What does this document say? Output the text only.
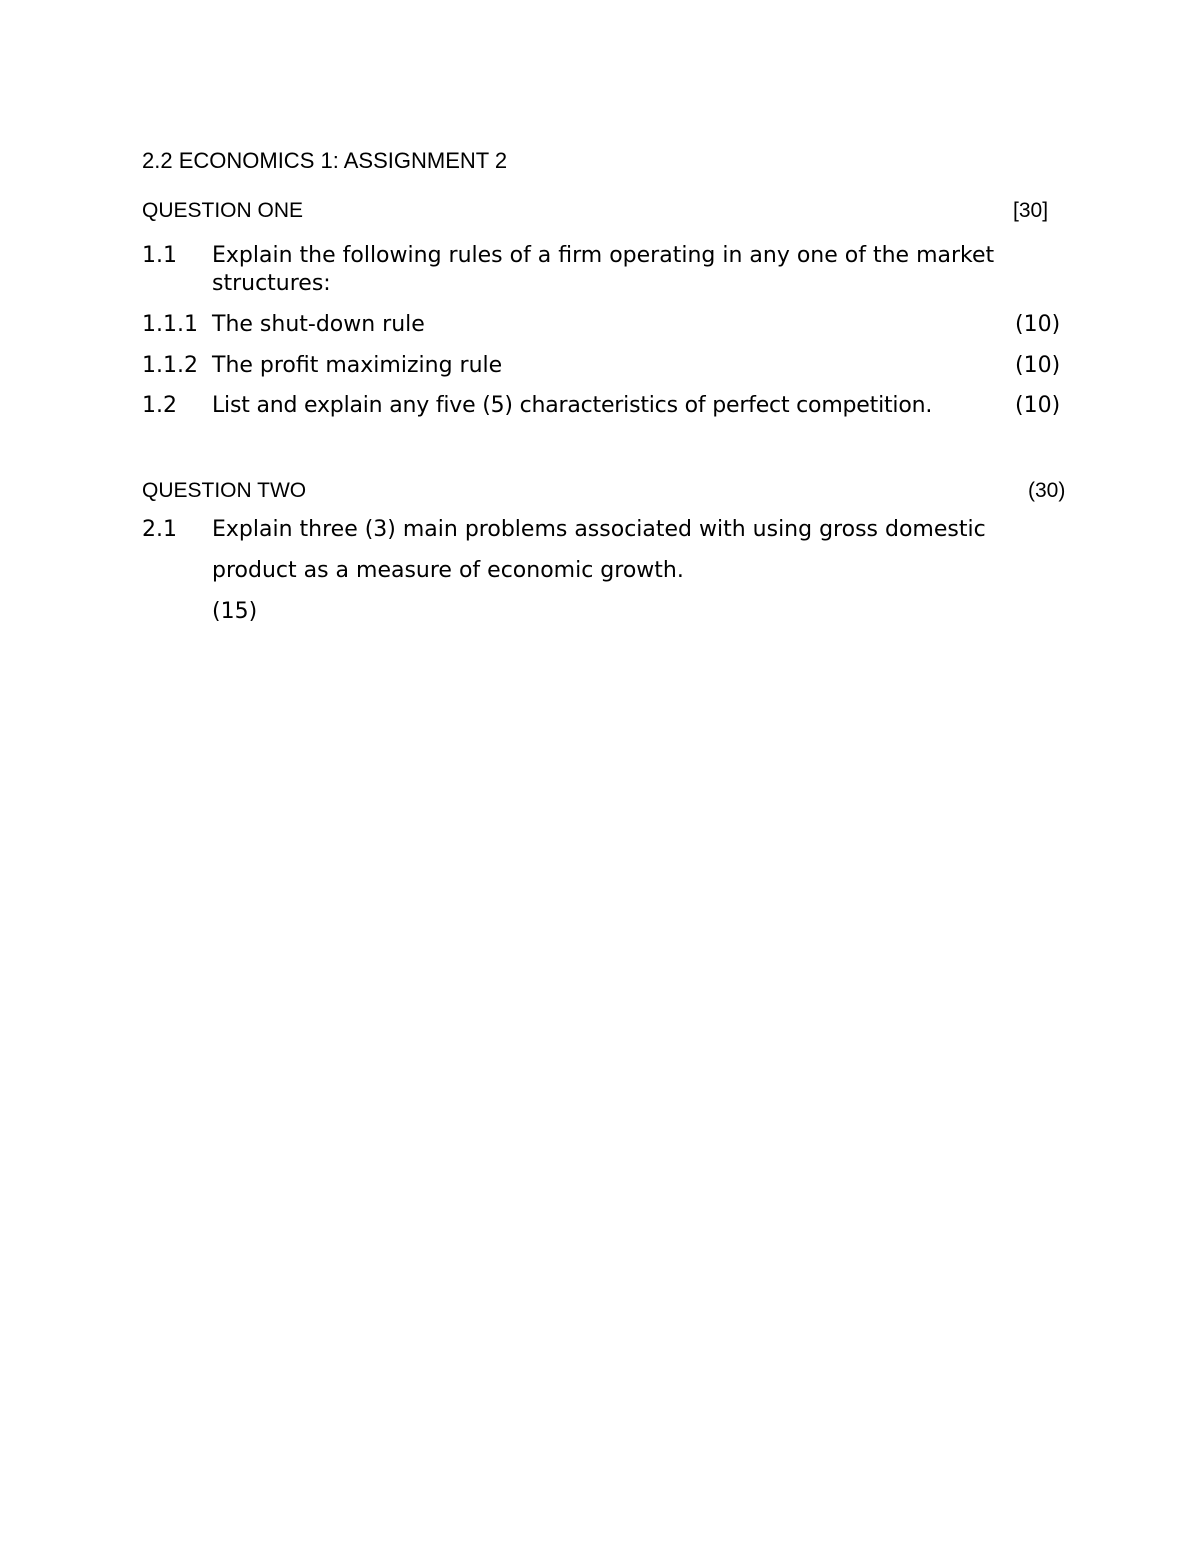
2.2 ECONOMICS 1: ASSIGNMENT 2
QUESTION ONE	[30]
1.1 Explain the following rules of a firm operating in any one of the market
structures:
1.1.1 The shut-down rule	(10)
1.1.2 The profit maximizing rule	(10)
1.2 List and explain any five (5) characteristics of perfect competition.	(10)
QUESTION TWO	(30)
2.1 Explain three (3) main problems associated with using gross domestic
product as a measure of economic growth.
(15)
